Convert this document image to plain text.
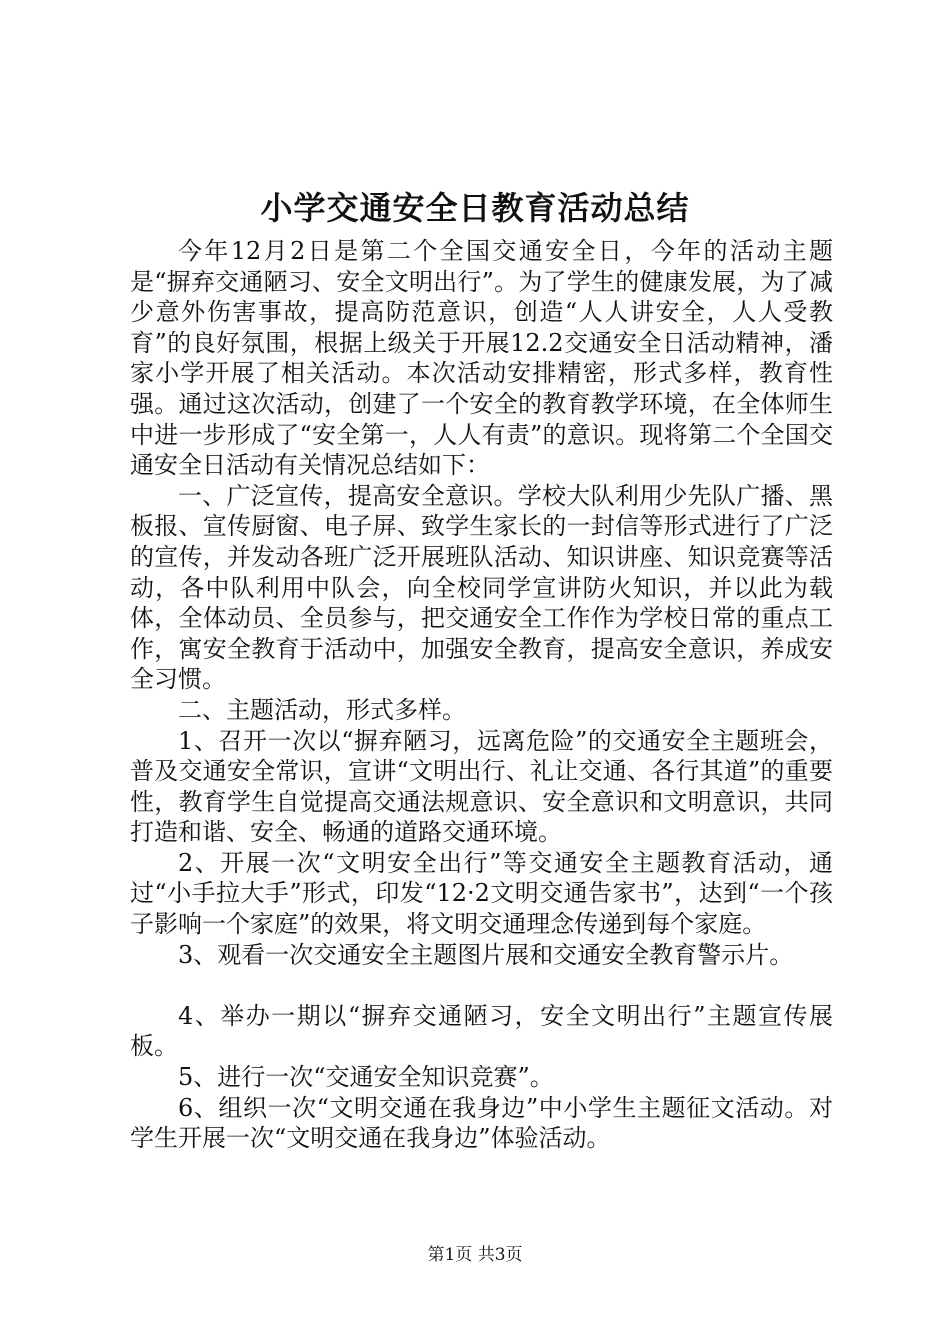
小学交通安全日教育活动总结

今年12月2日是第二个全国交通安全日，今年的活动主题是“摒弃交通陋习、安全文明出行”。为了学生的健康发展，为了减少意外伤害事故，提高防范意识，创造“人人讲安全，人人受教育”的良好氛围，根据上级关于开展12.2交通安全日活动精神，潘家小学开展了相关活动。本次活动安排精密，形式多样，教育性强。通过这次活动，创建了一个安全的教育教学环境，在全体师生中进一步形成了“安全第一，人人有责”的意识。现将第二个全国交通安全日活动有关情况总结如下：

一、广泛宣传，提高安全意识。学校大队利用少先队广播、黑板报、宣传厨窗、电子屏、致学生家长的一封信等形式进行了广泛的宣传，并发动各班广泛开展班队活动、知识讲座、知识竞赛等活动，各中队利用中队会，向全校同学宣讲防火知识，并以此为载体，全体动员、全员参与，把交通安全工作作为学校日常的重点工作，寓安全教育于活动中，加强安全教育，提高安全意识，养成安全习惯。

二、主题活动，形式多样。

1、召开一次以“摒弃陋习，远离危险”的交通安全主题班会，普及交通安全常识，宣讲“文明出行、礼让交通、各行其道”的重要性，教育学生自觉提高交通法规意识、安全意识和文明意识，共同打造和谐、安全、畅通的道路交通环境。

2、开展一次“文明安全出行”等交通安全主题教育活动，通过“小手拉大手”形式，印发“12·2文明交通告家书”，达到“一个孩子影响一个家庭”的效果，将文明交通理念传递到每个家庭。

3、观看一次交通安全主题图片展和交通安全教育警示片。

4、举办一期以“摒弃交通陋习，安全文明出行”主题宣传展板。

5、进行一次“交通安全知识竞赛”。

6、组织一次“文明交通在我身边”中小学生主题征文活动。对学生开展一次“文明交通在我身边”体验活动。

第1页 共3页
